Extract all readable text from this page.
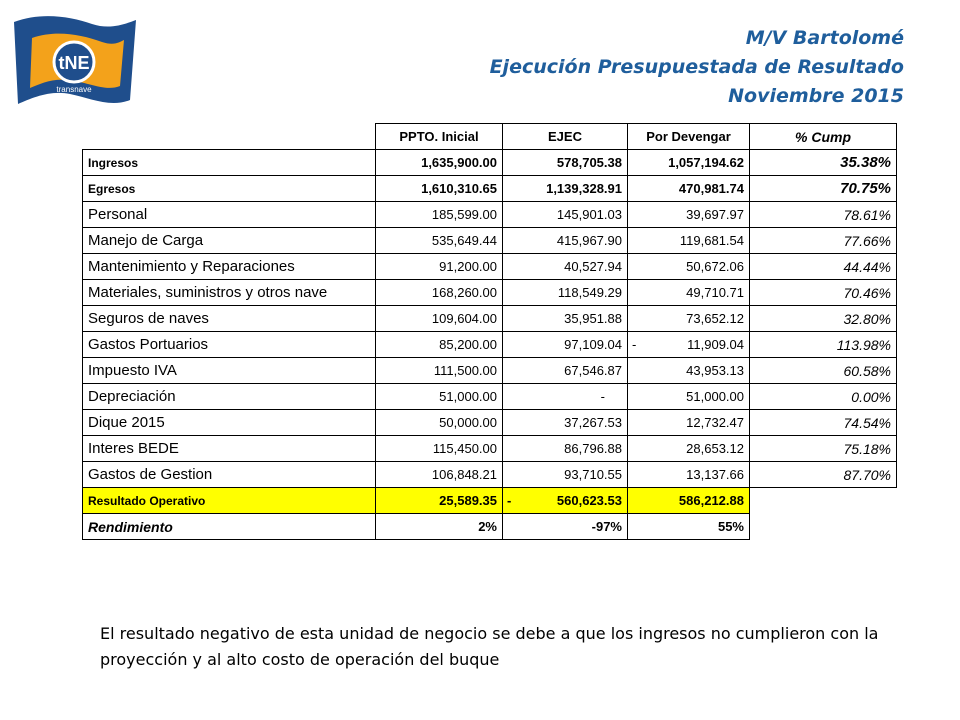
tNE
transnave
M/V Bartolomé
Ejecución Presupuestada de Resultado
Noviembre 2015
	PPTO. Inicial	EJEC	Por Devengar	% Cump
Ingresos	1,635,900.00	578,705.38	1,057,194.62	35.38%
Egresos	1,610,310.65	1,139,328.91	470,981.74	70.75%
Personal	185,599.00	145,901.03	39,697.97	78.61%
Manejo de Carga	535,649.44	415,967.90	119,681.54	77.66%
Mantenimiento y Reparaciones	91,200.00	40,527.94	50,672.06	44.44%
Materiales, suministros y otros nave	168,260.00	118,549.29	49,710.71	70.46%
Seguros de naves	109,604.00	35,951.88	73,652.12	32.80%
Gastos Portuarios	85,200.00	97,109.04	- 11,909.04	113.98%
Impuesto IVA	111,500.00	67,546.87	43,953.13	60.58%
Depreciación	51,000.00	-	51,000.00	0.00%
Dique 2015	50,000.00	37,267.53	12,732.47	74.54%
Interes BEDE	115,450.00	86,796.88	28,653.12	75.18%
Gastos de Gestion	106,848.21	93,710.55	13,137.66	87.70%
Resultado Operativo	25,589.35	- 560,623.53	586,212.88	
Rendimiento	2%	-97%	55%	
El resultado negativo de esta unidad de negocio se debe a que los ingresos no cumplieron con la proyección y al alto costo de operación del buque
